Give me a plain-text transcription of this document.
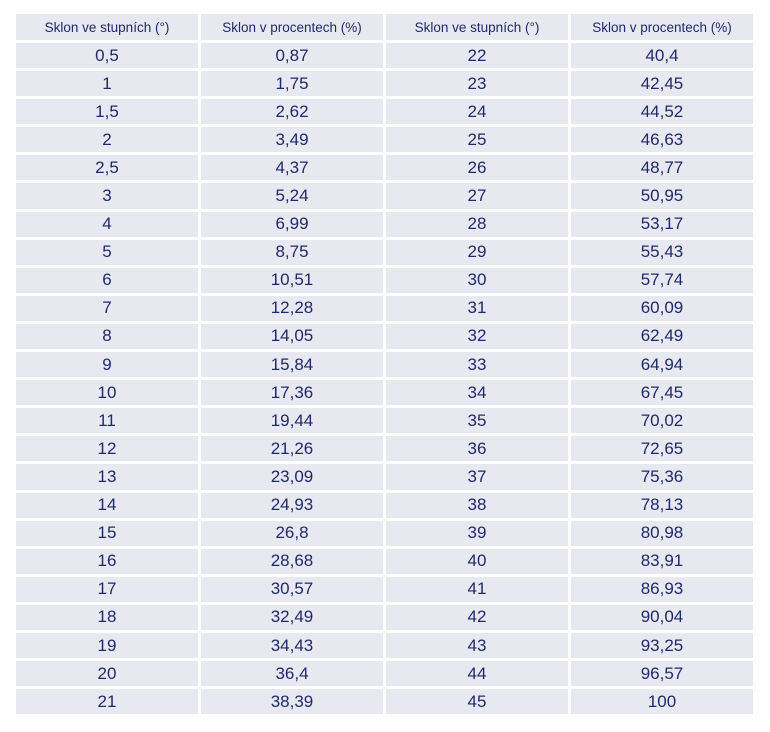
Sklon ve stupních (°)	Sklon v procentech (%)	Sklon ve stupních (°)	Sklon v procentech (%)
0,5	0,87	22	40,4
1	1,75	23	42,45
1,5	2,62	24	44,52
2	3,49	25	46,63
2,5	4,37	26	48,77
3	5,24	27	50,95
4	6,99	28	53,17
5	8,75	29	55,43
6	10,51	30	57,74
7	12,28	31	60,09
8	14,05	32	62,49
9	15,84	33	64,94
10	17,36	34	67,45
11	19,44	35	70,02
12	21,26	36	72,65
13	23,09	37	75,36
14	24,93	38	78,13
15	26,8	39	80,98
16	28,68	40	83,91
17	30,57	41	86,93
18	32,49	42	90,04
19	34,43	43	93,25
20	36,4	44	96,57
21	38,39	45	100
